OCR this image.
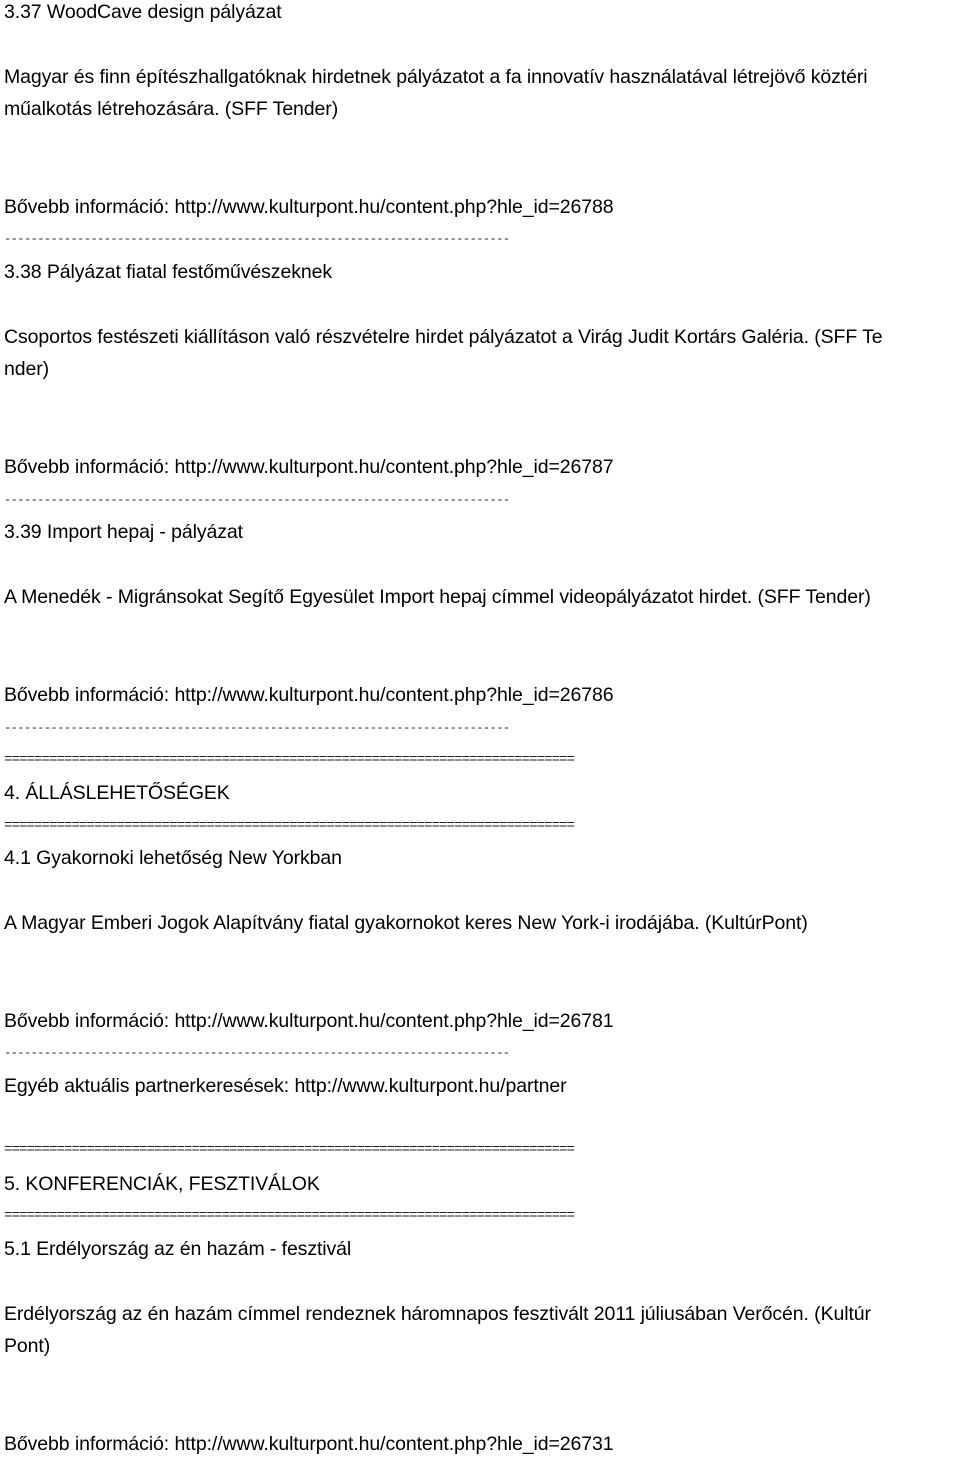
3.37 WoodCave design pályázat
Magyar és finn építészhallgatóknak hirdetnek pályázatot a fa innovatív használatával létrejövő köztéri
műalkotás létrehozására. (SFF Tender)
Bővebb információ: http://www.kulturpont.hu/content.php?hle_id=26788
----------------------------------------------------------------------------
3.38 Pályázat fiatal festőművészeknek
Csoportos festészeti kiállításon való részvételre hirdet pályázatot a Virág Judit Kortárs Galéria. (SFF Te
nder)
Bővebb információ: http://www.kulturpont.hu/content.php?hle_id=26787
----------------------------------------------------------------------------
3.39 Import hepaj - pályázat
A Menedék - Migránsokat Segítő Egyesület Import hepaj címmel videopályázatot hirdet. (SFF Tender)
Bővebb információ: http://www.kulturpont.hu/content.php?hle_id=26786
----------------------------------------------------------------------------
============================================================================
4. ÁLLÁSLEHETŐSÉGEK
============================================================================
4.1 Gyakornoki lehetőség New Yorkban
A Magyar Emberi Jogok Alapítvány fiatal gyakornokot keres New York-i irodájába. (KultúrPont)
Bővebb információ: http://www.kulturpont.hu/content.php?hle_id=26781
----------------------------------------------------------------------------
Egyéb aktuális partnerkeresések: http://www.kulturpont.hu/partner
============================================================================
5. KONFERENCIÁK, FESZTIVÁLOK
============================================================================
5.1 Erdélyország az én hazám - fesztivál
Erdélyország az én hazám címmel rendeznek háromnapos fesztivált 2011 júliusában Verőcén. (Kultúr
Pont)
Bővebb információ: http://www.kulturpont.hu/content.php?hle_id=26731
